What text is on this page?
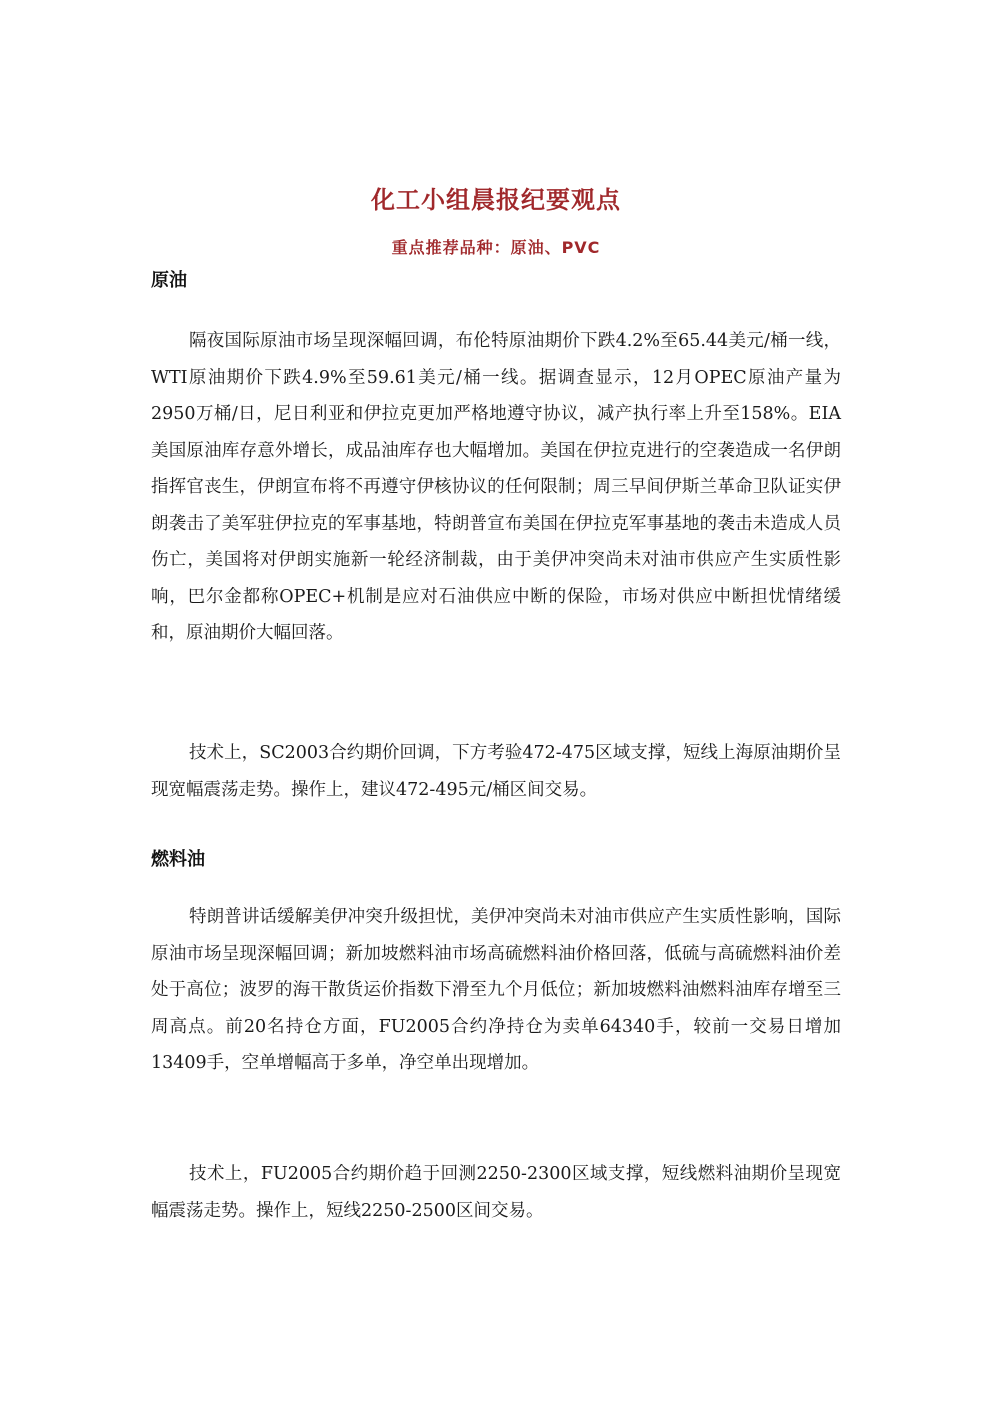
化工小组晨报纪要观点
重点推荐品种：原油、PVC
原油

隔夜国际原油市场呈现深幅回调，布伦特原油期价下跌4.2%至65.44美元/桶一线，WTI原油期价下跌4.9%至59.61美元/桶一线。据调查显示，12月OPEC原油产量为2950万桶/日，尼日利亚和伊拉克更加严格地遵守协议，减产执行率上升至158%。EIA美国原油库存意外增长，成品油库存也大幅增加。美国在伊拉克进行的空袭造成一名伊朗指挥官丧生，伊朗宣布将不再遵守伊核协议的任何限制；周三早间伊斯兰革命卫队证实伊朗袭击了美军驻伊拉克的军事基地，特朗普宣布美国在伊拉克军事基地的袭击未造成人员伤亡，美国将对伊朗实施新一轮经济制裁，由于美伊冲突尚未对油市供应产生实质性影响，巴尔金都称OPEC+机制是应对石油供应中断的保险，市场对供应中断担忧情绪缓和，原油期价大幅回落。

技术上，SC2003合约期价回调，下方考验472-475区域支撑，短线上海原油期价呈现宽幅震荡走势。操作上，建议472-495元/桶区间交易。

燃料油

特朗普讲话缓解美伊冲突升级担忧，美伊冲突尚未对油市供应产生实质性影响，国际原油市场呈现深幅回调；新加坡燃料油市场高硫燃料油价格回落，低硫与高硫燃料油价差处于高位；波罗的海干散货运价指数下滑至九个月低位；新加坡燃料油燃料油库存增至三周高点。前20名持仓方面，FU2005合约净持仓为卖单64340手，较前一交易日增加13409手，空单增幅高于多单，净空单出现增加。

技术上，FU2005合约期价趋于回测2250-2300区域支撑，短线燃料油期价呈现宽幅震荡走势。操作上，短线2250-2500区间交易。
